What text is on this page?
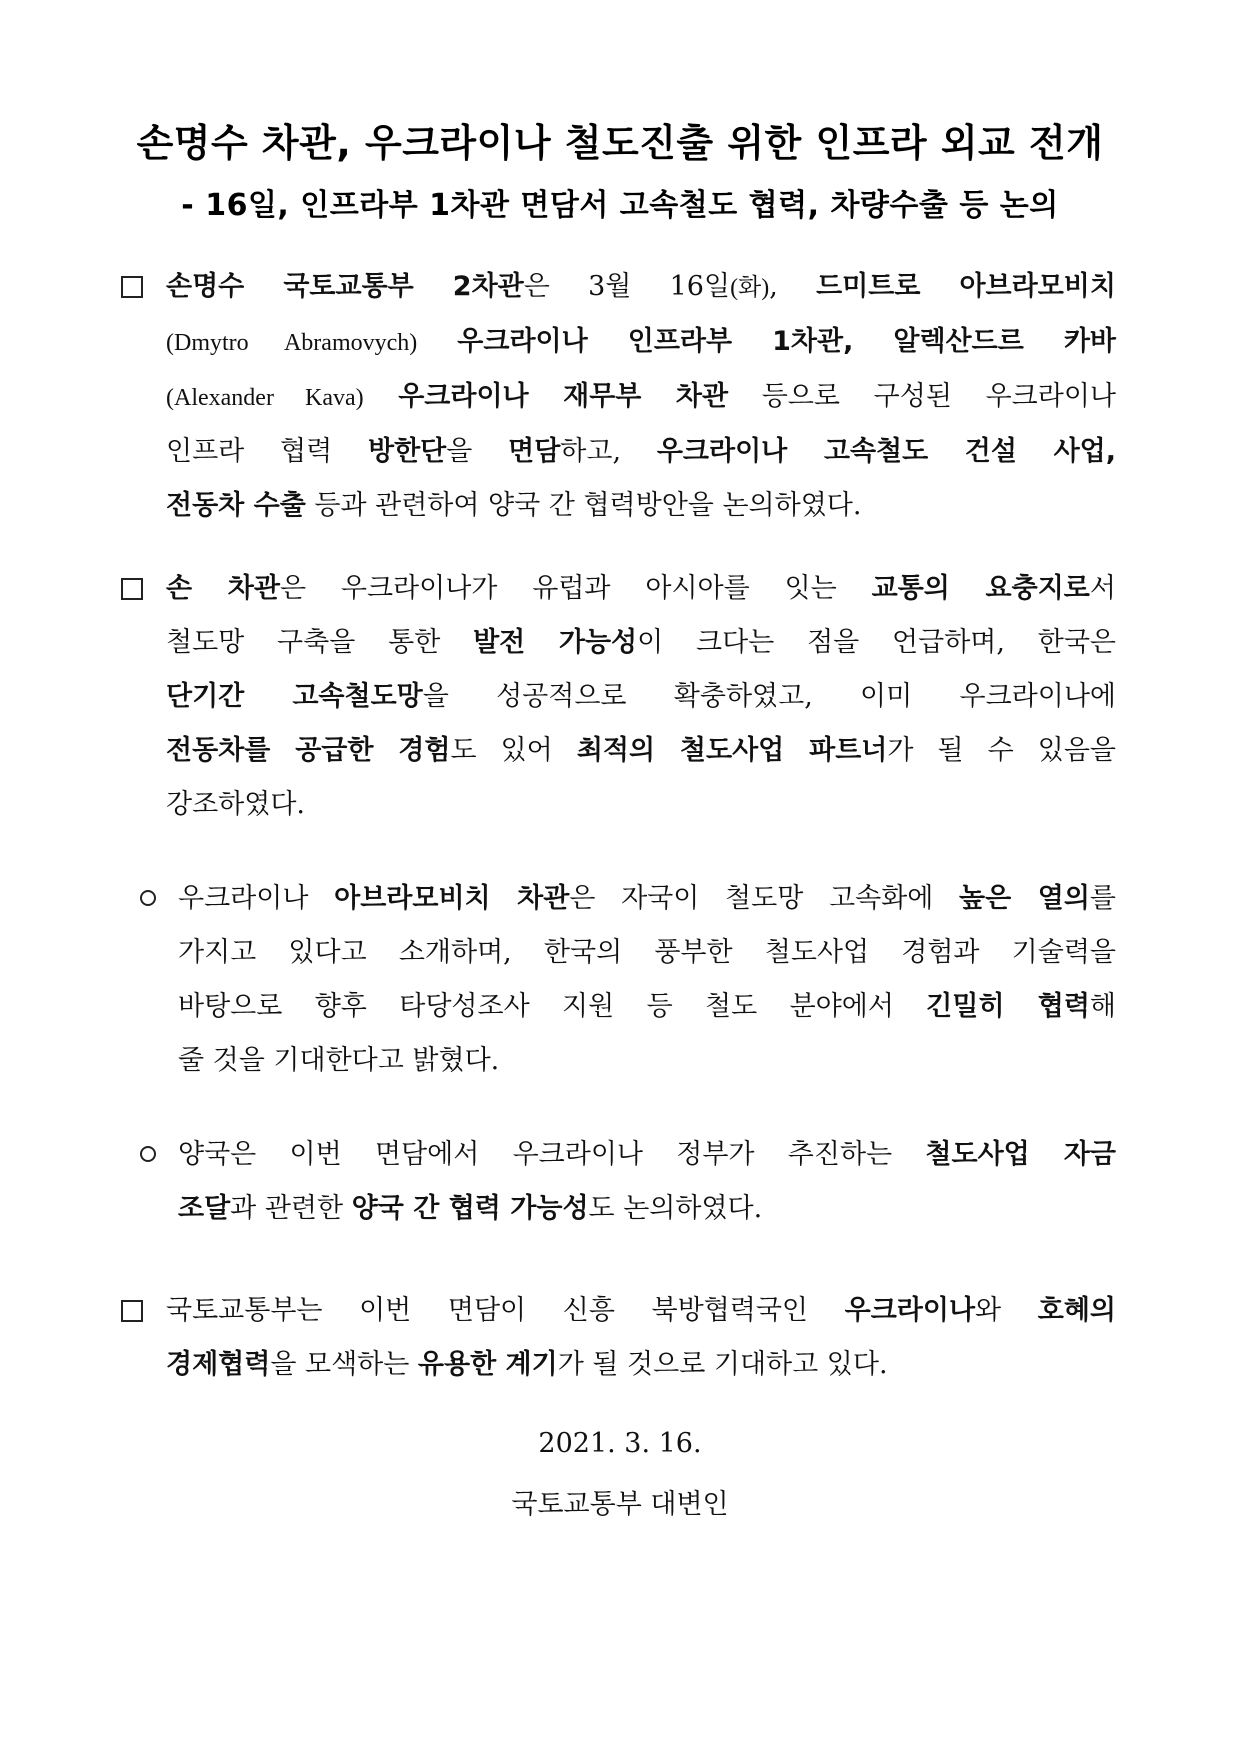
손명수 차관, 우크라이나 철도진출 위한 인프라 외교 전개
- 16일, 인프라부 1차관 면담서 고속철도 협력, 차량수출 등 논의
손명수 국토교통부 2차관은 3월 16일(화), 드미트로 아브라모비치
(Dmytro Abramovych) 우크라이나 인프라부 1차관, 알렉산드르 카바
(Alexander Kava) 우크라이나 재무부 차관 등으로 구성된 우크라이나
인프라 협력 방한단을 면담하고, 우크라이나 고속철도 건설 사업,
전동차 수출 등과 관련하여 양국 간 협력방안을 논의하였다.
손 차관은 우크라이나가 유럽과 아시아를 잇는 교통의 요충지로서
철도망 구축을 통한 발전 가능성이 크다는 점을 언급하며, 한국은
단기간 고속철도망을 성공적으로 확충하였고, 이미 우크라이나에
전동차를 공급한 경험도 있어 최적의 철도사업 파트너가 될 수 있음을
강조하였다.
우크라이나 아브라모비치 차관은 자국이 철도망 고속화에 높은 열의를
가지고 있다고 소개하며, 한국의 풍부한 철도사업 경험과 기술력을
바탕으로 향후 타당성조사 지원 등 철도 분야에서 긴밀히 협력해
줄 것을 기대한다고 밝혔다.
양국은 이번 면담에서 우크라이나 정부가 추진하는 철도사업 자금
조달과 관련한 양국 간 협력 가능성도 논의하였다.
국토교통부는 이번 면담이 신흥 북방협력국인 우크라이나와 호혜의
경제협력을 모색하는 유용한 계기가 될 것으로 기대하고 있다.
2021. 3. 16.
국토교통부 대변인
